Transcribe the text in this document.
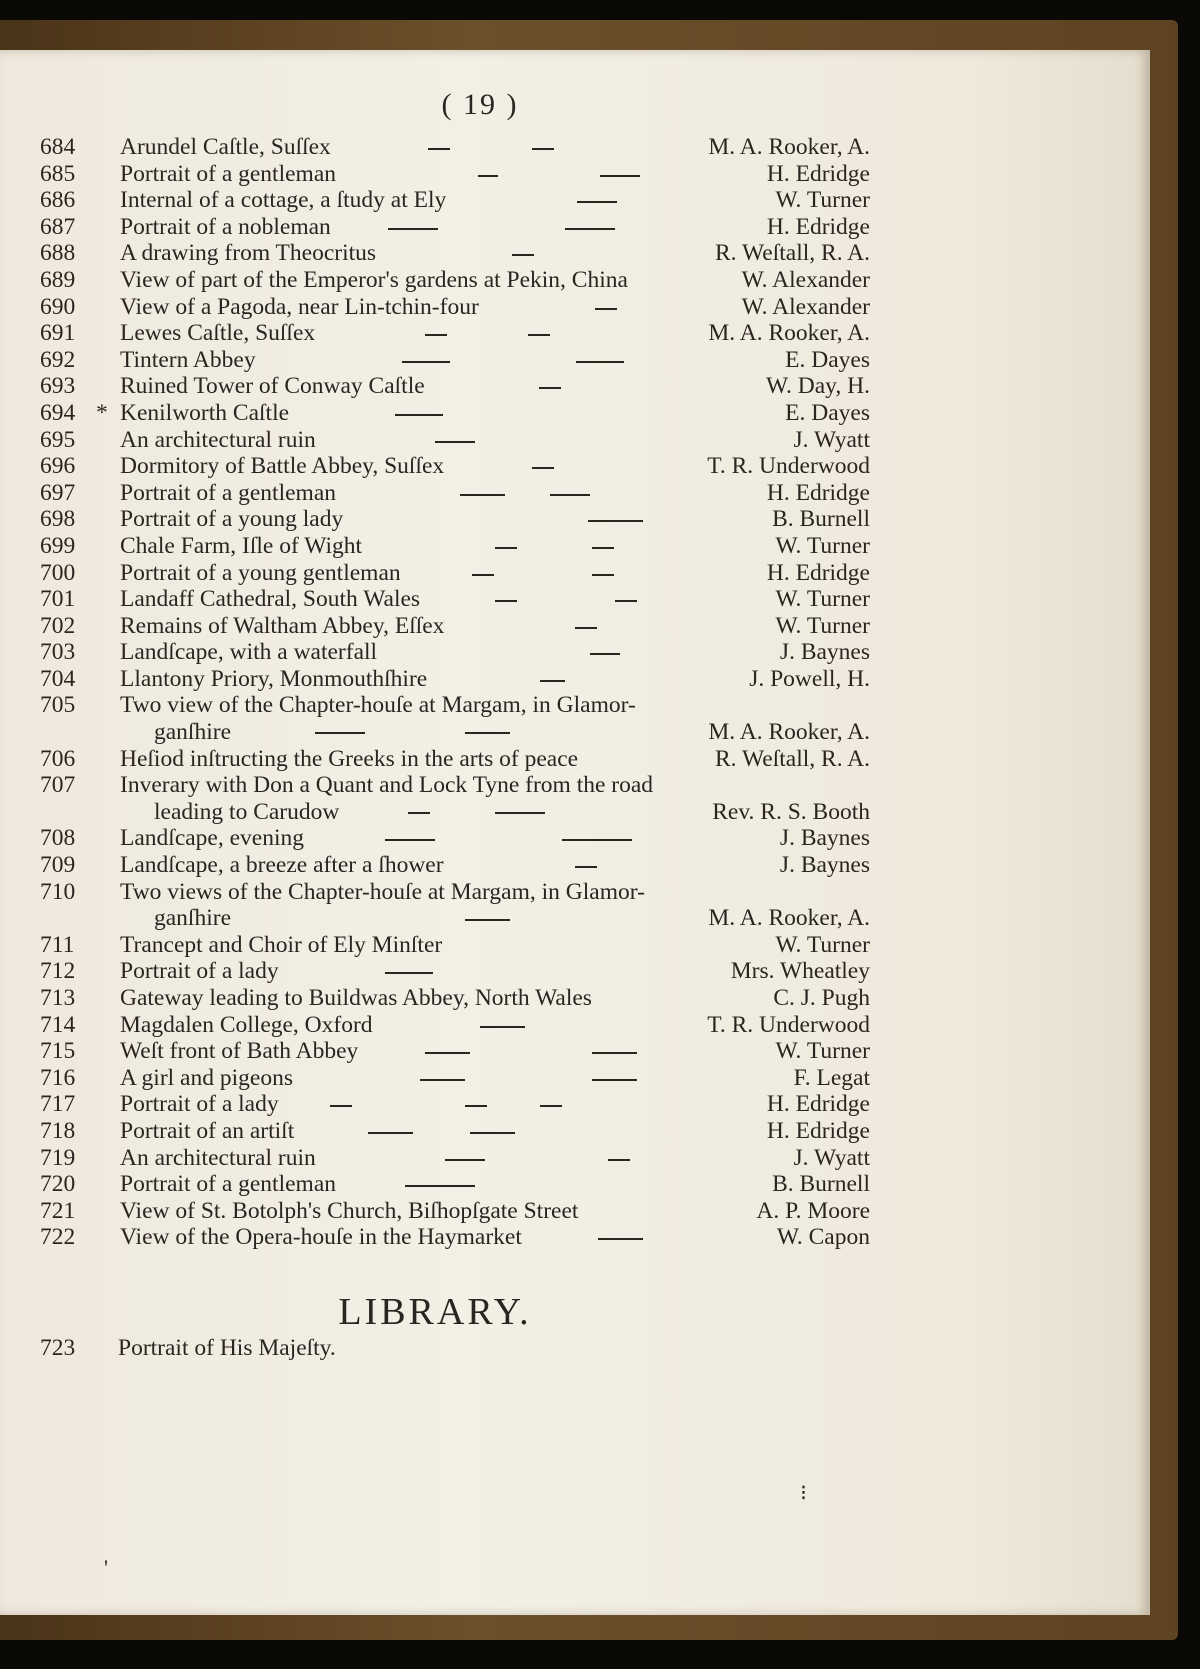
( 19 )
684	Arundel Caſtle, Suſſex	M. A. Rooker, A.
685	Portrait of a gentleman	H. Edridge
686	Internal of a cottage, a ſtudy at Ely	W. Turner
687	Portrait of a nobleman	H. Edridge
688	A drawing from Theocritus	R. Weſtall, R. A.
689	View of part of the Emperor's gardens at Pekin, China	W. Alexander
690	View of a Pagoda, near Lin-tchin-four	W. Alexander
691	Lewes Caſtle, Suſſex	M. A. Rooker, A.
692	Tintern Abbey	E. Dayes
693	Ruined Tower of Conway Caſtle	W. Day, H.
694 * Kenilworth Caſtle	E. Dayes
695	An architectural ruin	J. Wyatt
696	Dormitory of Battle Abbey, Suſſex	T. R. Underwood
697	Portrait of a gentleman	H. Edridge
698	Portrait of a young lady	B. Burnell
699	Chale Farm, Iſle of Wight	W. Turner
700	Portrait of a young gentleman	H. Edridge
701	Landaff Cathedral, South Wales	W. Turner
702	Remains of Waltham Abbey, Eſſex	W. Turner
703	Landſcape, with a waterfall	J. Baynes
704	Llantony Priory, Monmouthſhire	J. Powell, H.
705	Two view of the Chapter-houſe at Margam, in Glamor-
ganſhire	M. A. Rooker, A.
706	Heſiod inſtructing the Greeks in the arts of peace	R. Weſtall, R. A.
707	Inverary with Don a Quant and Lock Tyne from the road
leading to Carudow	Rev. R. S. Booth
708	Landſcape, evening	J. Baynes
709	Landſcape, a breeze after a ſhower	J. Baynes
710	Two views of the Chapter-houſe at Margam, in Glamor-
ganſhire	M. A. Rooker, A.
711	Trancept and Choir of Ely Minſter	W. Turner
712	Portrait of a lady	Mrs. Wheatley
713	Gateway leading to Buildwas Abbey, North Wales	C. J. Pugh
714	Magdalen College, Oxford	T. R. Underwood
715	Weſt front of Bath Abbey	W. Turner
716	A girl and pigeons	F. Legat
717	Portrait of a lady	H. Edridge
718	Portrait of an artiſt	H. Edridge
719	An architectural ruin	J. Wyatt
720	Portrait of a gentleman	B. Burnell
721	View of St. Botolph's Church, Biſhopſgate Street	A. P. Moore
722	View of the Opera-houſe in the Haymarket	W. Capon
LIBRARY.
723	Portrait of His Majeſty.
⁝
'
